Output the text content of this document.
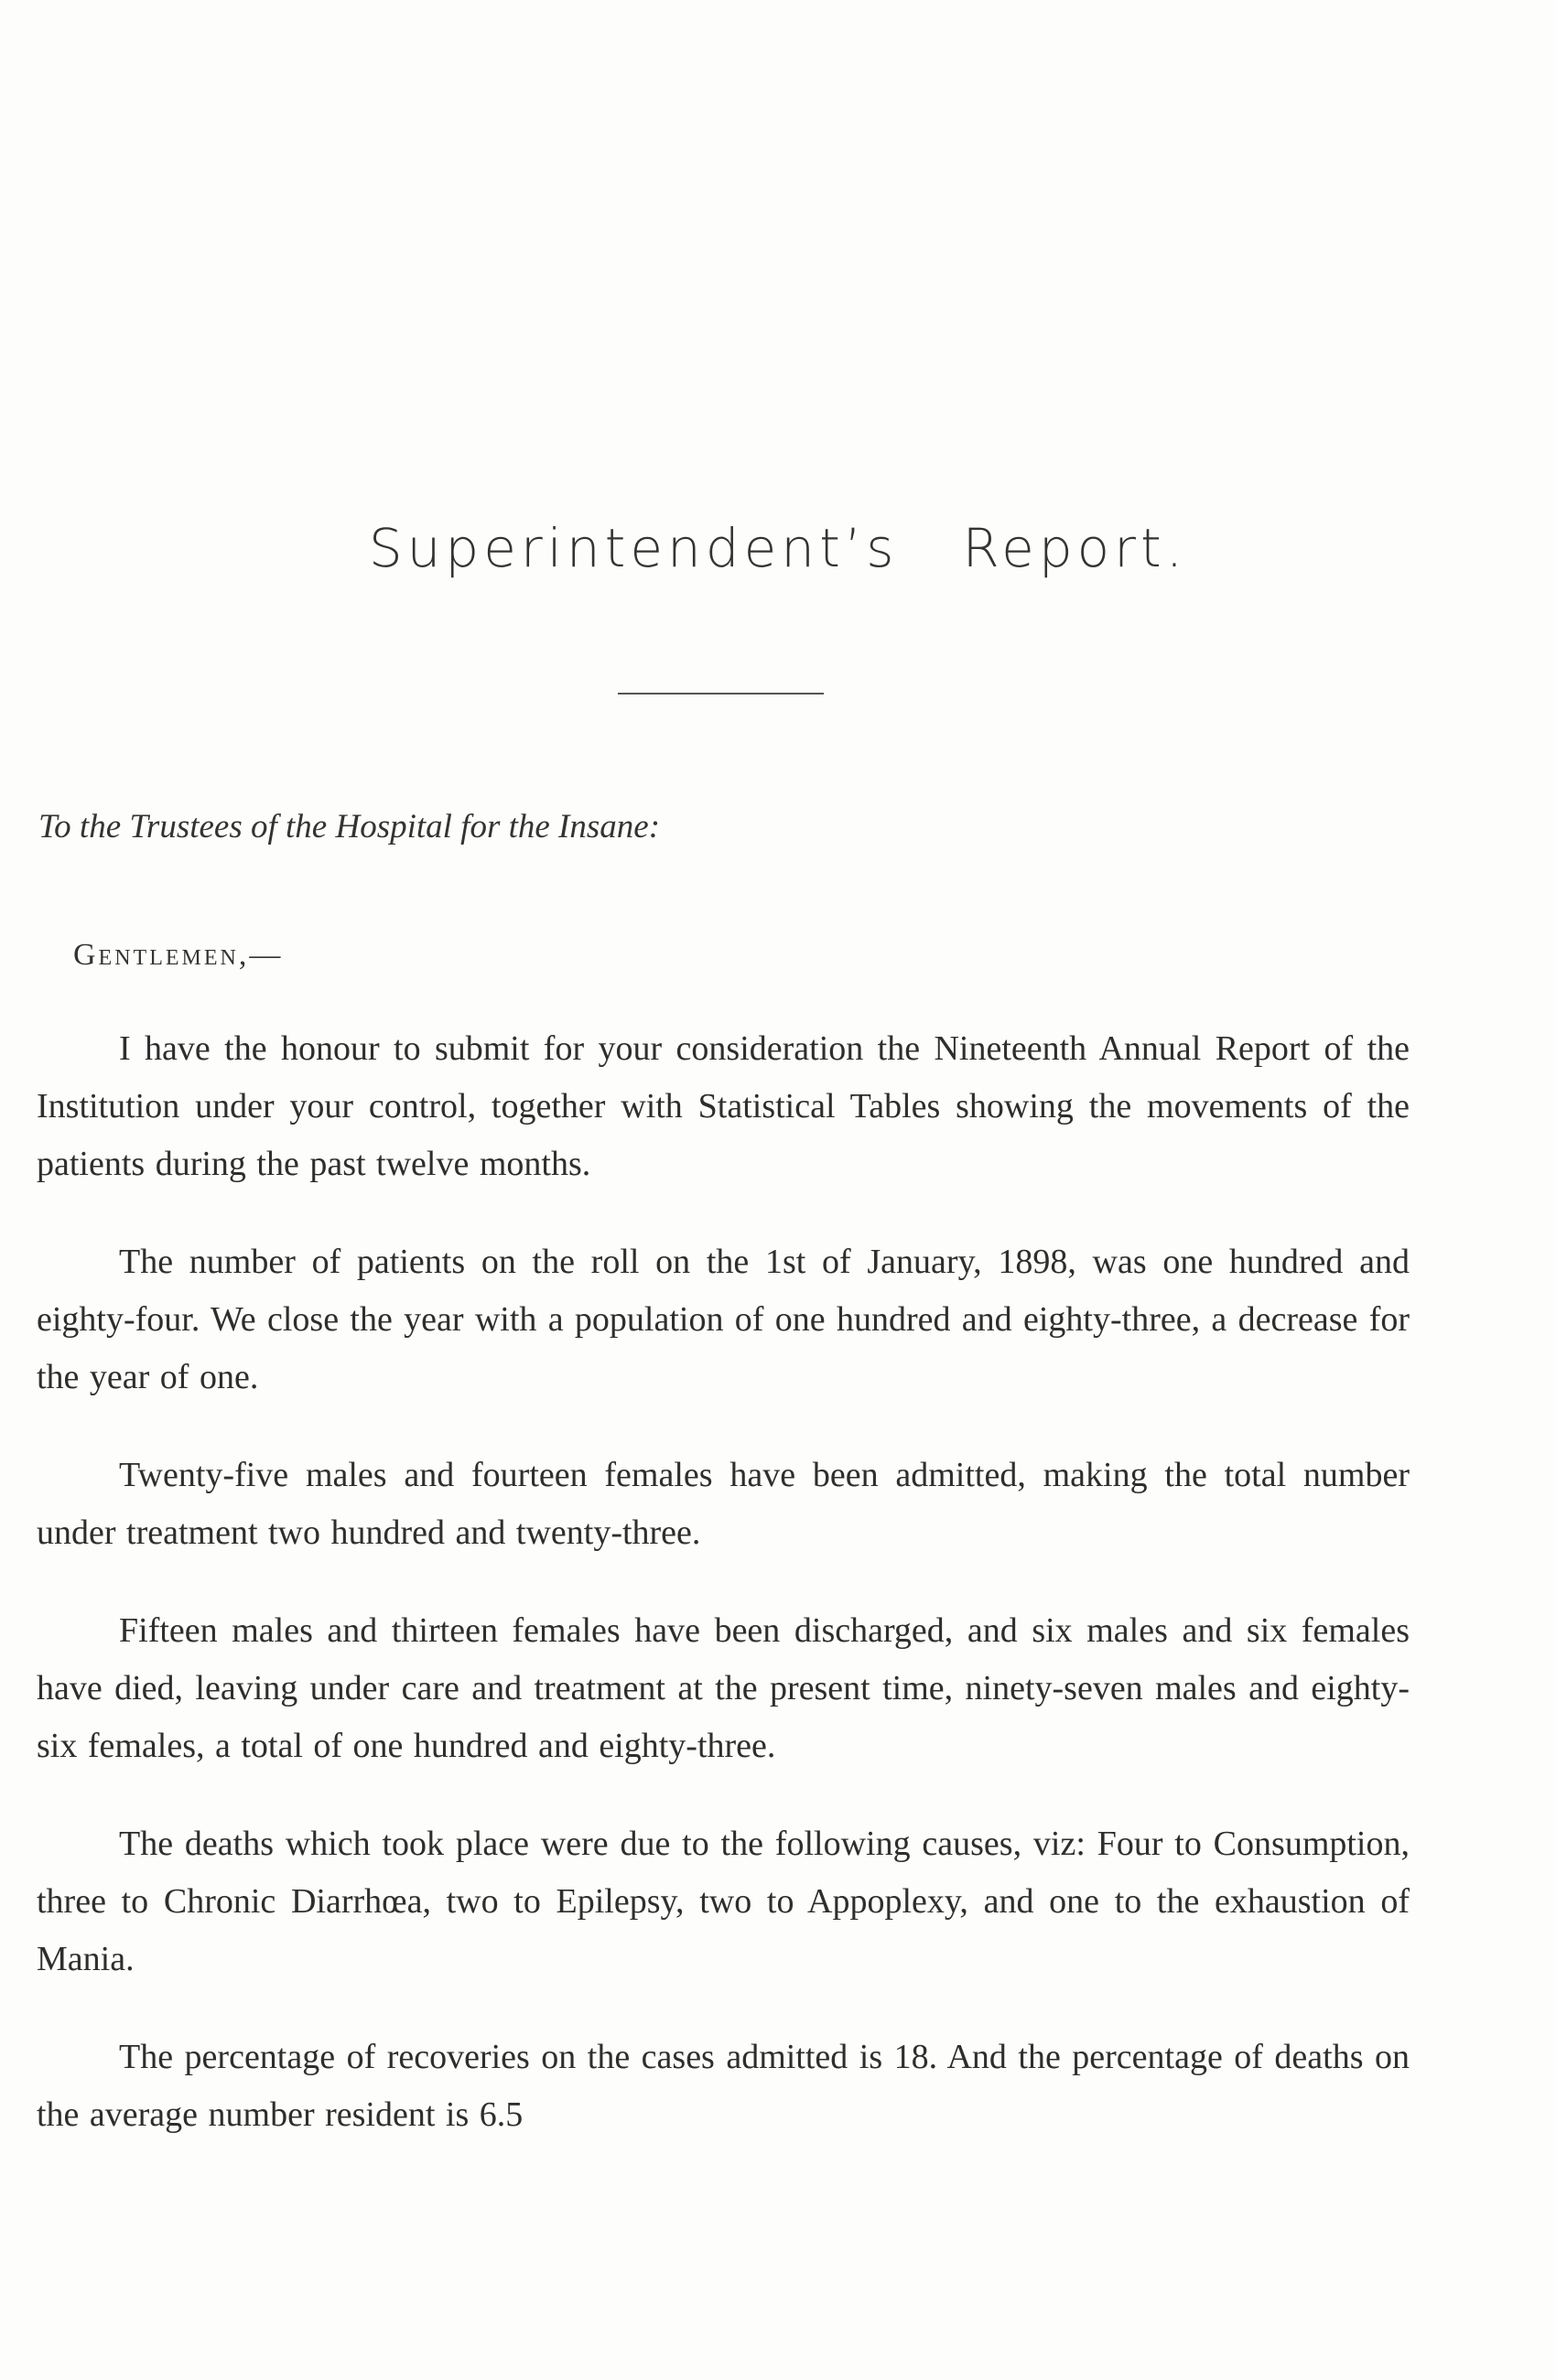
Superintendent’s Report.
To the Trustees of the Hospital for the Insane:
Gentlemen,—

I have the honour to submit for your consideration the Nineteenth Annual Report of the Institution under your control, together with Statistical Tables showing the movements of the patients during the past twelve months.

The number of patients on the roll on the 1st of January, 1898, was one hundred and eighty-four. We close the year with a population of one hundred and eighty-three, a decrease for the year of one.

Twenty-five males and fourteen females have been admitted, making the total number under treatment two hundred and twenty-three.

Fifteen males and thirteen females have been discharged, and six males and six females have died, leaving under care and treatment at the present time, ninety-seven males and eighty-six females, a total of one hundred and eighty-three.

The deaths which took place were due to the following causes, viz: Four to Consumption, three to Chronic Diarrhœa, two to Epilepsy, two to Appoplexy, and one to the exhaustion of Mania.

The percentage of recoveries on the cases admitted is 18. And the percentage of deaths on the average number resident is 6.5
